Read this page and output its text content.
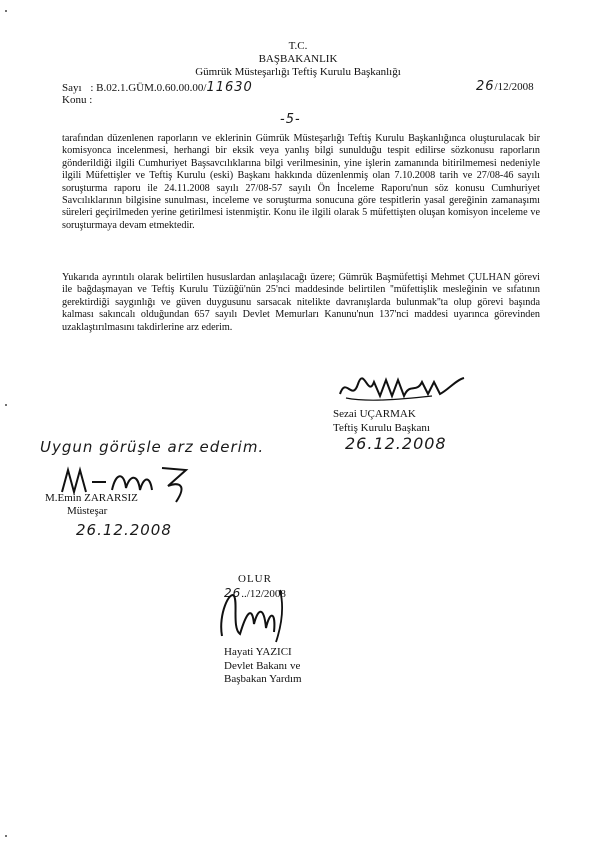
T.C.
BAŞBAKANLIK
Gümrük Müsteşarlığı Teftiş Kurulu Başkanlığı
Sayı : B.02.1.GÜM.0.60.00.00/11630	26/12/2008
Konu :
-5-

tarafından düzenlenen raporların ve eklerinin Gümrük Müsteşarlığı Teftiş Kurulu Başkanlığınca oluşturulacak bir komisyonca incelenmesi, herhangi bir eksik veya yanlış bilgi sunulduğu tespit edilirse sözkonusu raporların gönderildiği ilgili Cumhuriyet Başsavcılıklarına bilgi verilmesinin, yine işlerin zamanında bitirilmemesi nedeniyle ilgili Müfettişler ve Teftiş Kurulu (eski) Başkanı hakkında düzenlenmiş olan 7.10.2008 tarih ve 27/08-46 sayılı soruşturma raporu ile 24.11.2008 sayılı 27/08-57 sayılı Ön İnceleme Raporu'nun söz konusu Cumhuriyet Savcılıklarının bilgisine sunulması, inceleme ve soruşturma sonucuna göre tespitlerin yasal gereğinin zamanaşımı süreleri geçirilmeden yerine getirilmesi istenmiştir. Konu ile ilgili olarak 5 müfettişten oluşan komisyon inceleme ve soruşturmaya devam etmektedir.

Yukarıda ayrıntılı olarak belirtilen hususlardan anlaşılacağı üzere; Gümrük Başmüfettişi Mehmet ÇULHAN görevi ile bağdaşmayan ve Teftiş Kurulu Tüzüğü'nün 25'nci maddesinde belirtilen ''müfettişlik mesleğinin ve sıfatının gerektirdiği saygınlığı ve güven duygusunu sarsacak nitelikte davranışlarda bulunmak''ta olup görevi başında kalması sakıncalı olduğundan 657 sayılı Devlet Memurları Kanunu'nun 137'nci maddesi uyarınca görevinden uzaklaştırılmasını takdirlerine arz ederim.

Sezai UÇARMAK
Teftiş Kurulu Başkanı
26.12.2008
Uygun görüşle arz ederim.
M.Emin ZARARSIZ
Müsteşar
26.12.2008
OLUR
26../12/2008
Hayati YAZICI
Devlet Bakanı ve
Başbakan Yardım
